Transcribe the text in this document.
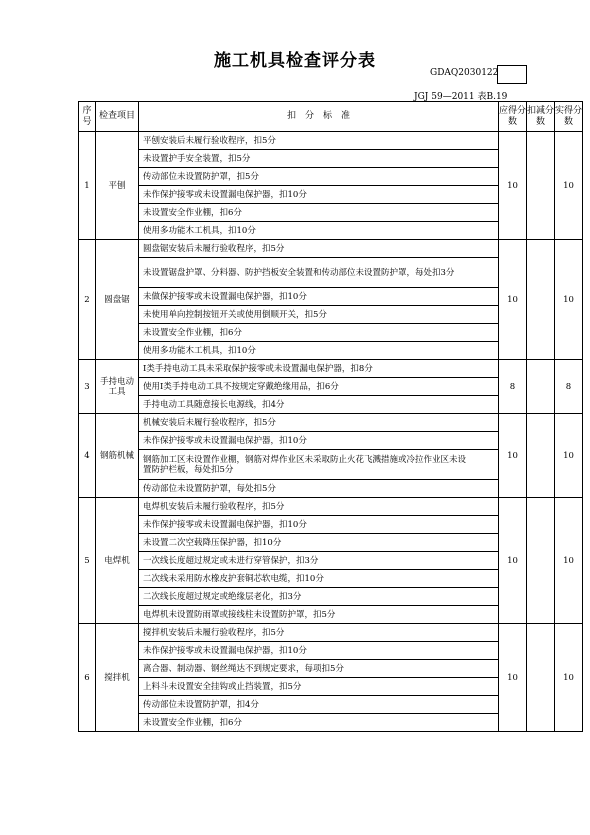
施工机具检查评分表
GDAQ2030122
JGJ 59—2011 表B.19
序号	检查项目	扣　分　标　准		应得分数	扣减分数	实得分数
1	平刨	平刨安装后未履行验收程序，扣5分		10		10
		未设置护手安全装置，扣5分				
		传动部位未设置防护罩，扣5分				
		未作保护接零或未设置漏电保护器，扣10分				
		未设置安全作业棚，扣6分				
		使用多功能木工机具，扣10分				
2	圆盘锯	圆盘锯安装后未履行验收程序，扣5分		10		10
		未设置锯盘护罩、分料器、防护挡板安全装置和传动部位未设置防护罩，每处扣3分				
		未做保护接零或未设置漏电保护器，扣10分				
		未使用单向控制按钮开关或使用倒顺开关，扣5分				
		未设置安全作业棚，扣6分				
		使用多功能木工机具，扣10分				
3	手持电动工具	Ⅰ类手持电动工具未采取保护接零或未设置漏电保护器，扣8分		8		8
		使用Ⅰ类手持电动工具不按规定穿戴绝缘用品，扣6分				
		手持电动工具随意接长电源线，扣4分				
4	钢筋机械	机械安装后未履行验收程序，扣5分		10		10
		未作保护接零或未设置漏电保护器，扣10分				
		钢筋加工区未设置作业棚，钢筋对焊作业区未采取防止火花飞溅措施或冷拉作业区未设置防护栏板，每处扣5分				
		传动部位未设置防护罩，每处扣5分				
5	电焊机	电焊机安装后未履行验收程序，扣5分		10		10
		未作保护接零或未设置漏电保护器，扣10分				
		未设置二次空载降压保护器，扣10分				
		一次线长度超过规定或未进行穿管保护，扣3分				
		二次线未采用防水橡皮护套铜芯软电缆，扣10分				
		二次线长度超过规定或绝缘层老化，扣3分				
		电焊机未设置防雨罩或接线柱未设置防护罩，扣5分				
6	搅拌机	搅拌机安装后未履行验收程序，扣5分		10		10
		未作保护接零或未设置漏电保护器，扣10分				
		离合器、制动器、钢丝绳达不到规定要求，每项扣5分				
		上料斗未设置安全挂钩或止挡装置，扣5分				
		传动部位未设置防护罩，扣4分				
		未设置安全作业棚，扣6分				
